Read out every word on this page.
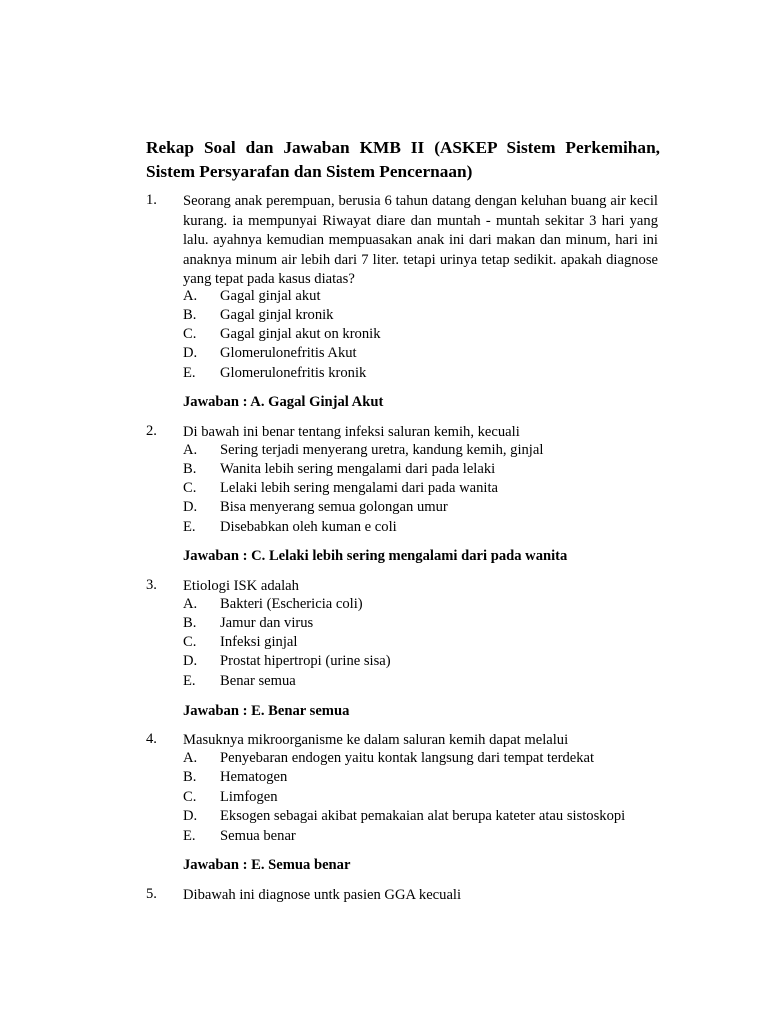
Rekap Soal dan Jawaban KMB II (ASKEP Sistem Perkemihan, Sistem Persyarafan dan Sistem Pencernaan)
1. Seorang anak perempuan, berusia 6 tahun datang dengan keluhan buang air kecil kurang. ia mempunyai Riwayat diare dan muntah - muntah sekitar 3 hari yang lalu. ayahnya kemudian mempuasakan anak ini dari makan dan minum, hari ini anaknya minum air lebih dari 7 liter. tetapi urinya tetap sedikit. apakah diagnose yang tepat pada kasus diatas?
A. Gagal ginjal akut
B. Gagal ginjal kronik
C. Gagal ginjal akut on kronik
D. Glomerulonefritis Akut
E. Glomerulonefritis kronik
Jawaban : A. Gagal Ginjal Akut
2. Di bawah ini benar tentang infeksi saluran kemih, kecuali
A. Sering terjadi menyerang uretra, kandung kemih, ginjal
B. Wanita lebih sering mengalami dari pada lelaki
C. Lelaki lebih sering mengalami dari pada wanita
D. Bisa menyerang semua golongan umur
E. Disebabkan oleh kuman e coli
Jawaban : C. Lelaki lebih sering mengalami dari pada wanita
3. Etiologi ISK adalah
A. Bakteri (Eschericia coli)
B. Jamur dan virus
C. Infeksi ginjal
D. Prostat hipertropi (urine sisa)
E. Benar semua
Jawaban : E. Benar semua
4. Masuknya mikroorganisme ke dalam saluran kemih dapat melalui
A. Penyebaran endogen yaitu kontak langsung dari tempat terdekat
B. Hematogen
C. Limfogen
D. Eksogen sebagai akibat pemakaian alat berupa kateter atau sistoskopi
E. Semua benar
Jawaban : E. Semua benar
5. Dibawah ini diagnose untk pasien GGA kecuali
